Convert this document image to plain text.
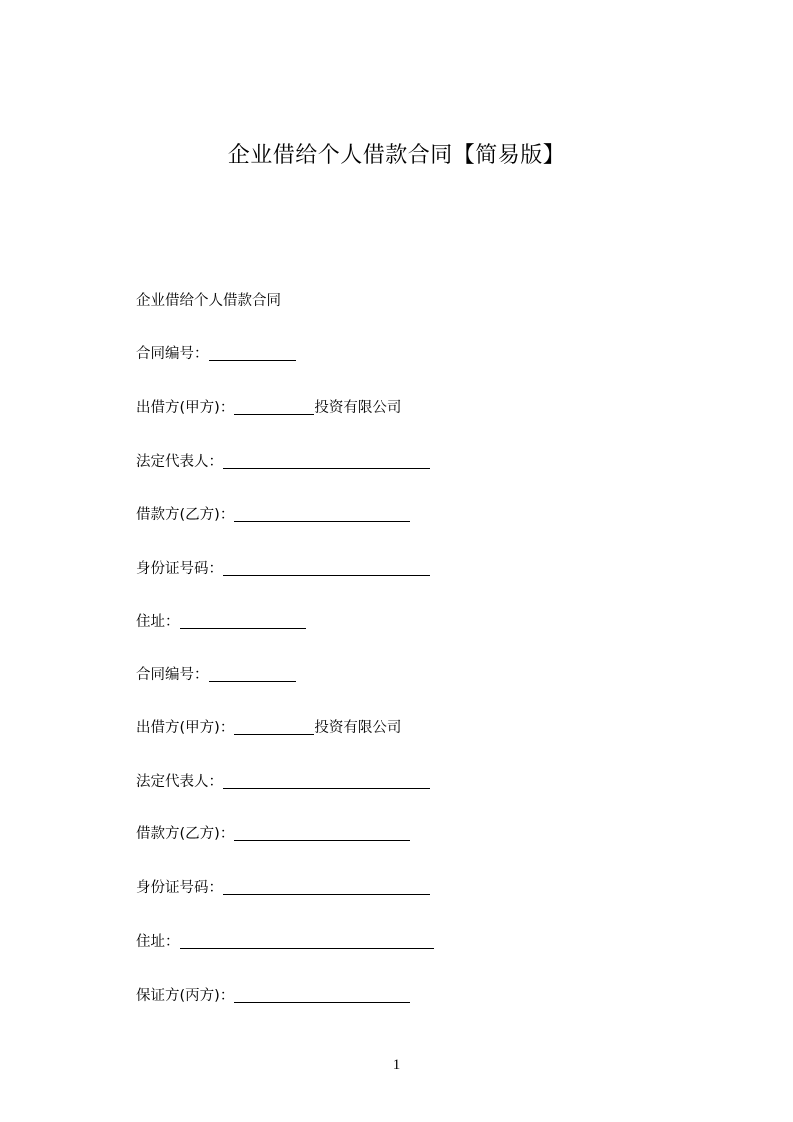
企业借给个人借款合同【简易版】
企业借给个人借款合同
合同编号：
出借方(甲方)：	投资有限公司
法定代表人：
借款方(乙方)：
身份证号码：
住址：
合同编号：
出借方(甲方)：	投资有限公司
法定代表人：
借款方(乙方)：
身份证号码：
住址：
保证方(丙方)：
1
